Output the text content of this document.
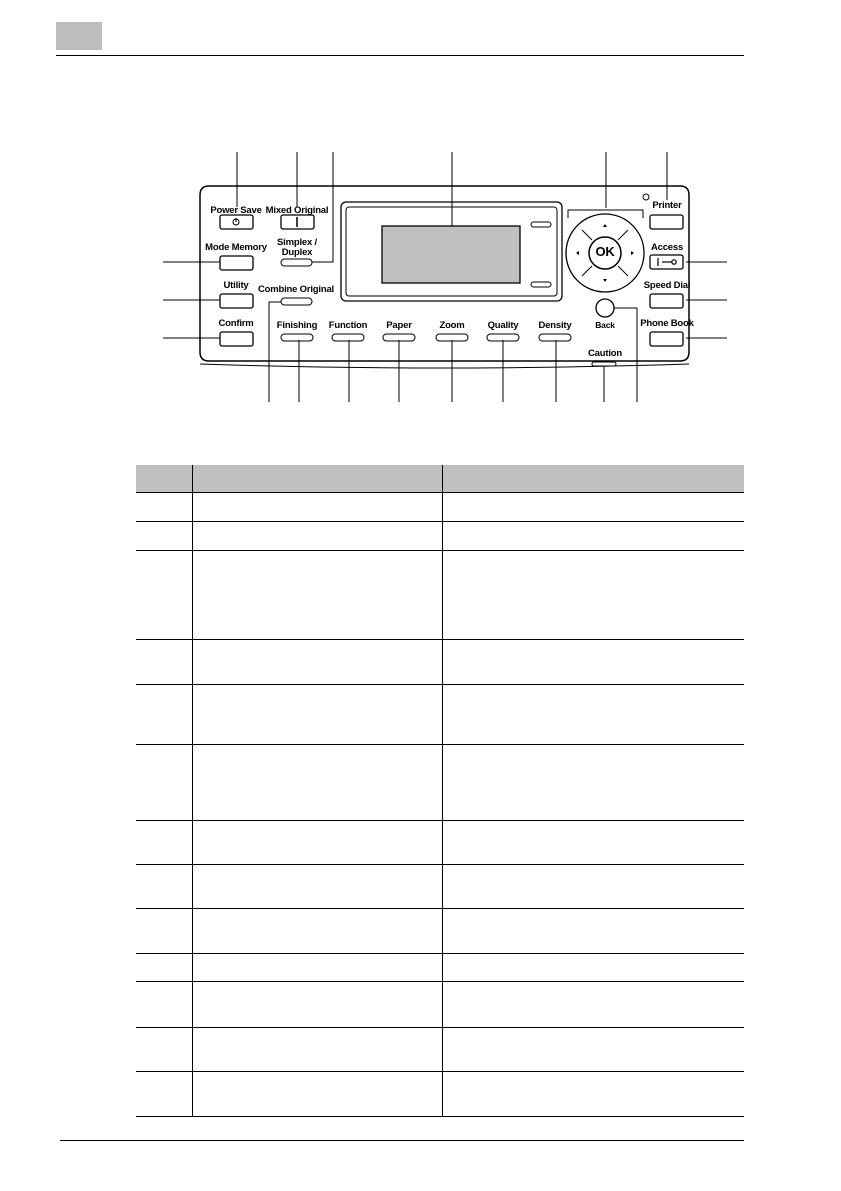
Power Save
Mode Memory
Utility
Confirm
Mixed Original
Simplex /
Duplex
Combine Original
Finishing Function Paper	Zoom Quality Density
Caution
OK
Back
Printer
Access
Speed Dial
Phone Book
